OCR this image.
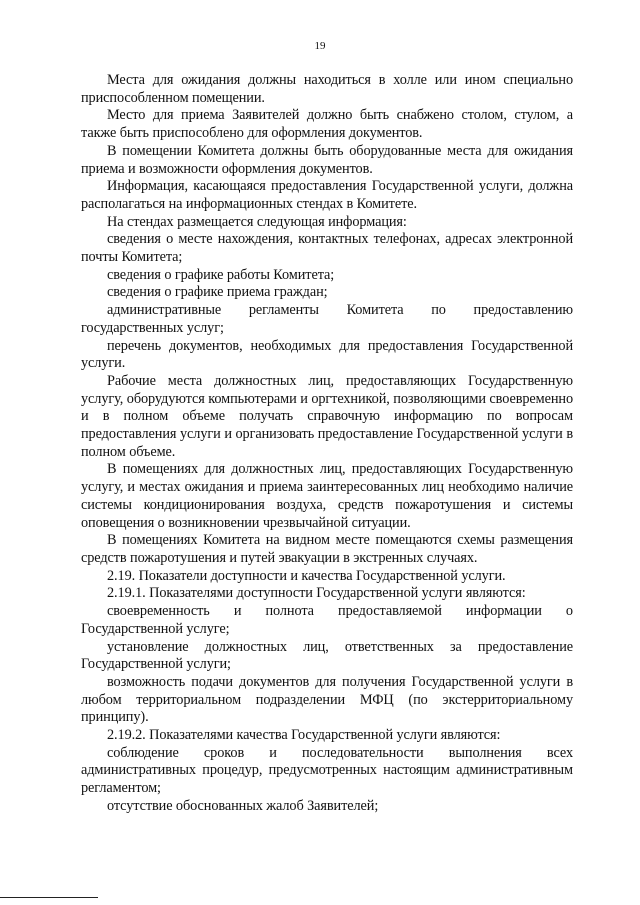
19

Места для ожидания должны находиться в холле или ином специально приспособленном помещении.

Место для приема Заявителей должно быть снабжено столом, стулом, а также быть приспособлено для оформления документов.

В помещении Комитета должны быть оборудованные места для ожидания приема и возможности оформления документов.

Информация, касающаяся предоставления Государственной услуги, должна располагаться на информационных стендах в Комитете.

На стендах размещается следующая информация:

сведения о месте нахождения, контактных телефонах, адресах электронной почты Комитета;

сведения о графике работы Комитета;

сведения о графике приема граждан;

административные регламенты Комитета по предоставлению государственных услуг;

перечень документов, необходимых для предоставления Государственной услуги.

Рабочие места должностных лиц, предоставляющих Государственную услугу, оборудуются компьютерами и оргтехникой, позволяющими своевременно и в полном объеме получать справочную информацию по вопросам предоставления услуги и организовать предоставление Государственной услуги в полном объеме.

В помещениях для должностных лиц, предоставляющих Государственную услугу, и местах ожидания и приема заинтересованных лиц необходимо наличие системы кондиционирования воздуха, средств пожаротушения и системы оповещения о возникновении чрезвычайной ситуации.

В помещениях Комитета на видном месте помещаются схемы размещения средств пожаротушения и путей эвакуации в экстренных случаях.

2.19. Показатели доступности и качества Государственной услуги.

2.19.1. Показателями доступности Государственной услуги являются:

своевременность и полнота предоставляемой информации о Государственной услуге;

установление должностных лиц, ответственных за предоставление Государственной услуги;

возможность подачи документов для получения Государственной услуги в любом территориальном подразделении МФЦ (по экстерриториальному принципу).

2.19.2. Показателями качества Государственной услуги являются:

соблюдение сроков и последовательности выполнения всех административных процедур, предусмотренных настоящим административным регламентом;

отсутствие обоснованных жалоб Заявителей;
